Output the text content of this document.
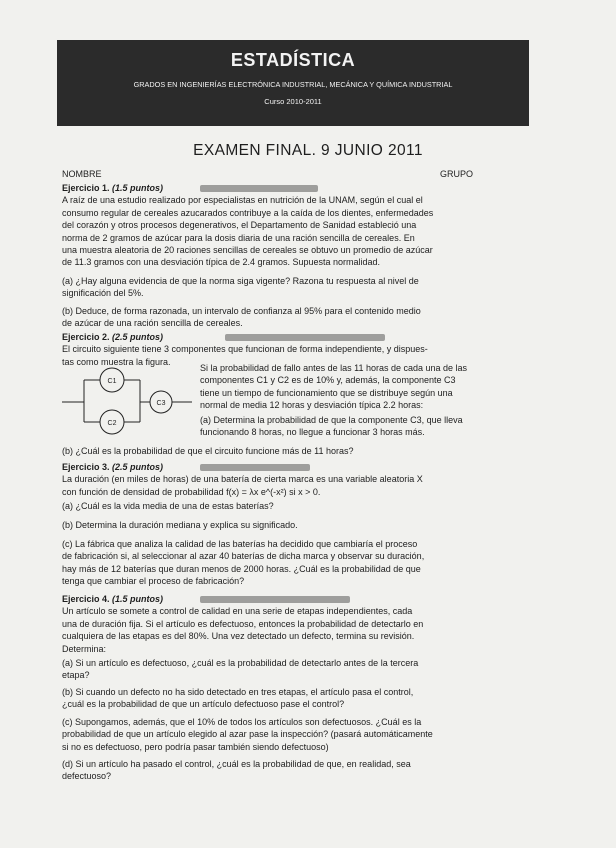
ESTADÍSTICA
GRADOS EN INGENIERÍAS ELECTRÓNICA INDUSTRIAL, MECÁNICA Y QUÍMICA INDUSTRIAL
Curso 2010-2011
EXAMEN FINAL. 9 JUNIO 2011
NOMBRE	GRUPO
Ejercicio 1. (1.5 puntos)
A raíz de una estudio realizado por especialistas en nutrición de la UNAM, según el cual el
consumo regular de cereales azucarados contribuye a la caída de los dientes, enfermedades
del corazón y otros procesos degenerativos, el Departamento de Sanidad estableció una
norma de 2 gramos de azúcar para la dosis diaria de una ración sencilla de cereales. En
una muestra aleatoria de 20 raciones sencillas de cereales se obtuvo un promedio de azúcar
de 11.3 gramos con una desviación típica de 2.4 gramos. Supuesta normalidad.
(a) ¿Hay alguna evidencia de que la norma siga vigente? Razona tu respuesta al nivel de
significación del 5%.
(b) Deduce, de forma razonada, un intervalo de confianza al 95% para el contenido medio
de azúcar de una ración sencilla de cereales.
Ejercicio 2. (2.5 puntos)
El circuito siguiente tiene 3 componentes que funcionan de forma independiente, y dispues-
tas como muestra la figura.
C1
C2
C3
Si la probabilidad de fallo antes de las 11 horas de cada una de las
componentes C1 y C2 es de 10% y, además, la componente C3
tiene un tiempo de funcionamiento que se distribuye según una
normal de media 12 horas y desviación típica 2.2 horas:
(a) Determina la probabilidad de que la componente C3, que lleva
funcionando 8 horas, no llegue a funcionar 3 horas más.
(b) ¿Cuál es la probabilidad de que el circuito funcione más de 11 horas?
Ejercicio 3. (2.5 puntos)
La duración (en miles de horas) de una batería de cierta marca es una variable aleatoria X
con función de densidad de probabilidad f(x) = λx e^(-x²) si x > 0.
(a) ¿Cuál es la vida media de una de estas baterías?
(b) Determina la duración mediana y explica su significado.
(c) La fábrica que analiza la calidad de las baterías ha decidido que cambiaría el proceso
de fabricación si, al seleccionar al azar 40 baterías de dicha marca y observar su duración,
hay más de 12 baterías que duran menos de 2000 horas. ¿Cuál es la probabilidad de que
tenga que cambiar el proceso de fabricación?
Ejercicio 4. (1.5 puntos)
Un artículo se somete a control de calidad en una serie de etapas independientes, cada
una de duración fija. Si el artículo es defectuoso, entonces la probabilidad de detectarlo en
cualquiera de las etapas es del 80%. Una vez detectado un defecto, termina su revisión.
Determina:
(a) Si un artículo es defectuoso, ¿cuál es la probabilidad de detectarlo antes de la tercera
etapa?
(b) Si cuando un defecto no ha sido detectado en tres etapas, el artículo pasa el control,
¿cuál es la probabilidad de que un artículo defectuoso pase el control?
(c) Supongamos, además, que el 10% de todos los artículos son defectuosos. ¿Cuál es la
probabilidad de que un artículo elegido al azar pase la inspección? (pasará automáticamente
si no es defectuoso, pero podría pasar también siendo defectuoso)
(d) Si un artículo ha pasado el control, ¿cuál es la probabilidad de que, en realidad, sea
defectuoso?
